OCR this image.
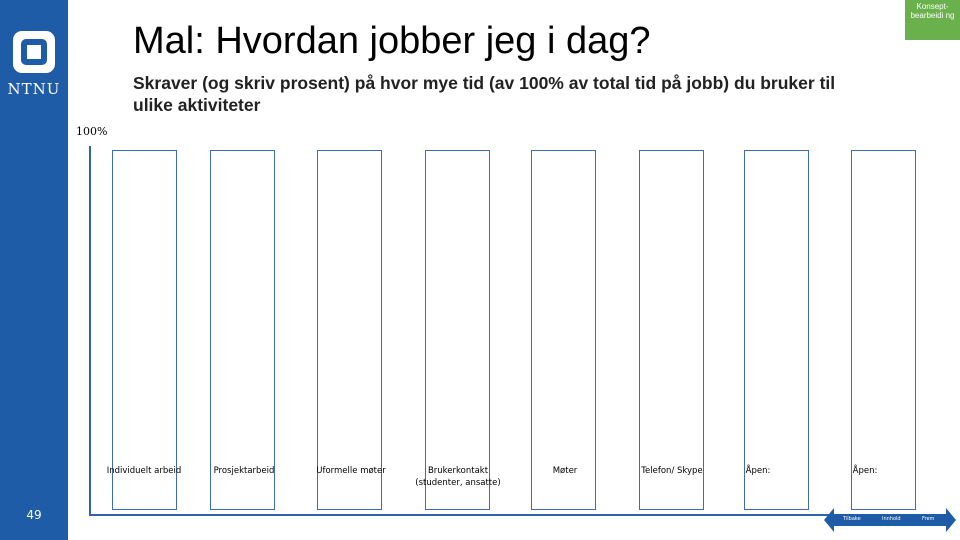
NTNU
49
Konsept-bearbeidi ng
Mal: Hvordan jobber jeg i dag?
Skraver (og skriv prosent) på hvor mye tid (av 100% av total tid på jobb) du bruker til ulike aktiviteter
100%
Individuelt arbeid	Prosjektarbeid	Uformelle møter	Brukerkontakt (studenter, ansatte)
Møter	Telefon/ Skype	Åpen:	Åpen:
Tilbake	Innhold	Frem
